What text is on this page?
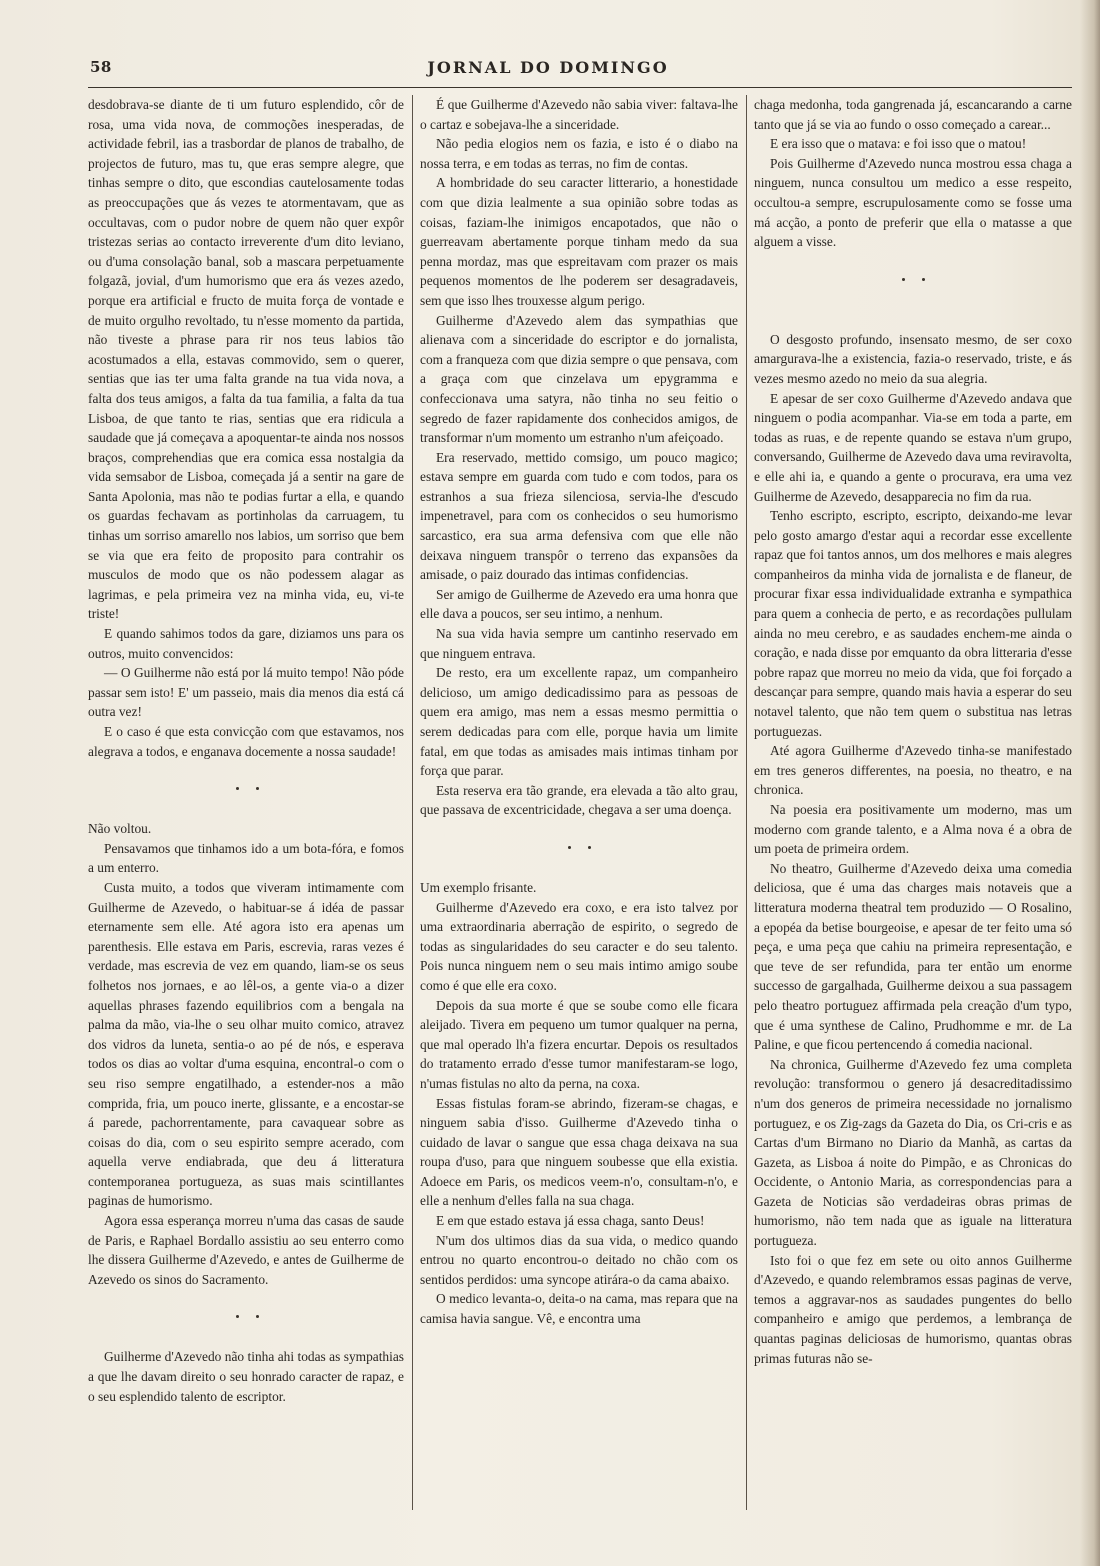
58	JORNAL DO DOMINGO

desdobrava-se diante de ti um futuro esplendido, côr de rosa, uma vida nova, de commoções inesperadas, de actividade febril, ias a trasbordar de planos de trabalho, de projectos de futuro, mas tu, que eras sempre alegre, que tinhas sempre o dito, que escondias cautelosamente todas as preoccupações que ás vezes te atormentavam, que as occultavas, com o pudor nobre de quem não quer expôr tristezas serias ao contacto irreverente d'um dito leviano, ou d'uma consolação banal, sob a mascara perpetuamente folgazã, jovial, d'um humorismo que era ás vezes azedo, porque era artificial e fructo de muita força de vontade e de muito orgulho revoltado, tu n'esse momento da partida, não tiveste a phrase para rir nos teus labios tão acostumados a ella, estavas commovido, sem o querer, sentias que ias ter uma falta grande na tua vida nova, a falta dos teus amigos, a falta da tua familia, a falta da tua Lisboa, de que tanto te rias, sentias que era ridicula a saudade que já começava a apoquentar-te ainda nos nossos braços, comprehendias que era comica essa nostalgia da vida semsabor de Lisboa, começada já a sentir na gare de Santa Apolonia, mas não te podias furtar a ella, e quando os guardas fechavam as portinholas da carruagem, tu tinhas um sorriso amarello nos labios, um sorriso que bem se via que era feito de proposito para contrahir os musculos de modo que os não podessem alagar as lagrimas, e pela primeira vez na minha vida, eu, vi-te triste!

E quando sahimos todos da gare, diziamos uns para os outros, muito convencidos:

— O Guilherme não está por lá muito tempo! Não póde passar sem isto! E' um passeio, mais dia menos dia está cá outra vez!

E o caso é que esta convicção com que estavamos, nos alegrava a todos, e enganava docemente a nossa saudade!

Não voltou.

Pensavamos que tinhamos ido a um bota-fóra, e fomos a um enterro.

Custa muito, a todos que viveram intimamente com Guilherme de Azevedo, o habituar-se á idéa de passar eternamente sem elle. Até agora isto era apenas um parenthesis. Elle estava em Paris, escrevia, raras vezes é verdade, mas escrevia de vez em quando, liam-se os seus folhetos nos jornaes, e ao lêl-os, a gente via-o a dizer aquellas phrases fazendo equilibrios com a bengala na palma da mão, via-lhe o seu olhar muito comico, atravez dos vidros da luneta, sentia-o ao pé de nós, e esperava todos os dias ao voltar d'uma esquina, encontral-o com o seu riso sempre engatilhado, a estender-nos a mão comprida, fria, um pouco inerte, glissante, e a encostar-se á parede, pachorrentamente, para cavaquear sobre as coisas do dia, com o seu espirito sempre acerado, com aquella verve endiabrada, que deu á litteratura contemporanea portugueza, as suas mais scintillantes paginas de humorismo.

Agora essa esperança morreu n'uma das casas de saude de Paris, e Raphael Bordallo assistiu ao seu enterro como lhe dissera Guilherme d'Azevedo, e antes de Guilherme de Azevedo os sinos do Sacramento.

Guilherme d'Azevedo não tinha ahi todas as sympathias a que lhe davam direito o seu honrado caracter de rapaz, e o seu esplendido talento de escriptor.

É que Guilherme d'Azevedo não sabia viver: faltava-lhe o cartaz e sobejava-lhe a sinceridade.

Não pedia elogios nem os fazia, e isto é o diabo na nossa terra, e em todas as terras, no fim de contas.

A hombridade do seu caracter litterario, a honestidade com que dizia lealmente a sua opinião sobre todas as coisas, faziam-lhe inimigos encapotados, que não o guerreavam abertamente porque tinham medo da sua penna mordaz, mas que espreitavam com prazer os mais pequenos momentos de lhe poderem ser desagradaveis, sem que isso lhes trouxesse algum perigo.

Guilherme d'Azevedo alem das sympathias que alienava com a sinceridade do escriptor e do jornalista, com a franqueza com que dizia sempre o que pensava, com a graça com que cinzelava um epygramma e confeccionava uma satyra, não tinha no seu feitio o segredo de fazer rapidamente dos conhecidos amigos, de transformar n'um momento um estranho n'um afeiçoado.

Era reservado, mettido comsigo, um pouco magico; estava sempre em guarda com tudo e com todos, para os estranhos a sua frieza silenciosa, servia-lhe d'escudo impenetravel, para com os conhecidos o seu humorismo sarcastico, era sua arma defensiva com que elle não deixava ninguem transpôr o terreno das expansões da amisade, o paiz dourado das intimas confidencias.

Ser amigo de Guilherme de Azevedo era uma honra que elle dava a poucos, ser seu intimo, a nenhum.

Na sua vida havia sempre um cantinho reservado em que ninguem entrava.

De resto, era um excellente rapaz, um companheiro delicioso, um amigo dedicadissimo para as pessoas de quem era amigo, mas nem a essas mesmo permittia o serem dedicadas para com elle, porque havia um limite fatal, em que todas as amisades mais intimas tinham por força que parar.

Esta reserva era tão grande, era elevada a tão alto grau, que passava de excentricidade, chegava a ser uma doença.

Um exemplo frisante.

Guilherme d'Azevedo era coxo, e era isto talvez por uma extraordinaria aberração de espirito, o segredo de todas as singularidades do seu caracter e do seu talento. Pois nunca ninguem nem o seu mais intimo amigo soube como é que elle era coxo.

Depois da sua morte é que se soube como elle ficara aleijado. Tivera em pequeno um tumor qualquer na perna, que mal operado lh'a fizera encurtar. Depois os resultados do tratamento errado d'esse tumor manifestaram-se logo, n'umas fistulas no alto da perna, na coxa.

Essas fistulas foram-se abrindo, fizeram-se chagas, e ninguem sabia d'isso. Guilherme d'Azevedo tinha o cuidado de lavar o sangue que essa chaga deixava na sua roupa d'uso, para que ninguem soubesse que ella existia. Adoece em Paris, os medicos veem-n'o, consultam-n'o, e elle a nenhum d'elles falla na sua chaga.

E em que estado estava já essa chaga, santo Deus!

N'um dos ultimos dias da sua vida, o medico quando entrou no quarto encontrou-o deitado no chão com os sentidos perdidos: uma syncope atirára-o da cama abaixo.

O medico levanta-o, deita-o na cama, mas repara que na camisa havia sangue. Vê, e encontra uma

chaga medonha, toda gangrenada já, escancarando a carne tanto que já se via ao fundo o osso começado a carear...

E era isso que o matava: e foi isso que o matou!

Pois Guilherme d'Azevedo nunca mostrou essa chaga a ninguem, nunca consultou um medico a esse respeito, occultou-a sempre, escrupulosamente como se fosse uma má acção, a ponto de preferir que ella o matasse a que alguem a visse.

O desgosto profundo, insensato mesmo, de ser coxo amargurava-lhe a existencia, fazia-o reservado, triste, e ás vezes mesmo azedo no meio da sua alegria.

E apesar de ser coxo Guilherme d'Azevedo andava que ninguem o podia acompanhar. Via-se em toda a parte, em todas as ruas, e de repente quando se estava n'um grupo, conversando, Guilherme de Azevedo dava uma reviravolta, e elle ahi ia, e quando a gente o procurava, era uma vez Guilherme de Azevedo, desapparecia no fim da rua.

Tenho escripto, escripto, escripto, deixando-me levar pelo gosto amargo d'estar aqui a recordar esse excellente rapaz que foi tantos annos, um dos melhores e mais alegres companheiros da minha vida de jornalista e de flaneur, de procurar fixar essa individualidade extranha e sympathica para quem a conhecia de perto, e as recordações pullulam ainda no meu cerebro, e as saudades enchem-me ainda o coração, e nada disse por emquanto da obra litteraria d'esse pobre rapaz que morreu no meio da vida, que foi forçado a descançar para sempre, quando mais havia a esperar do seu notavel talento, que não tem quem o substitua nas letras portuguezas.

Até agora Guilherme d'Azevedo tinha-se manifestado em tres generos differentes, na poesia, no theatro, e na chronica.

Na poesia era positivamente um moderno, mas um moderno com grande talento, e a Alma nova é a obra de um poeta de primeira ordem.

No theatro, Guilherme d'Azevedo deixa uma comedia deliciosa, que é uma das charges mais notaveis que a litteratura moderna theatral tem produzido — O Rosalino, a epopéa da betise bourgeoise, e apesar de ter feito uma só peça, e uma peça que cahiu na primeira representação, e que teve de ser refundida, para ter então um enorme successo de gargalhada, Guilherme deixou a sua passagem pelo theatro portuguez affirmada pela creação d'um typo, que é uma synthese de Calino, Prudhomme e mr. de La Paline, e que ficou pertencendo á comedia nacional.

Na chronica, Guilherme d'Azevedo fez uma completa revolução: transformou o genero já desacreditadissimo n'um dos generos de primeira necessidade no jornalismo portuguez, e os Zig-zags da Gazeta do Dia, os Cri-cris e as Cartas d'um Birmano no Diario da Manhã, as cartas da Gazeta, as Lisboa á noite do Pimpão, e as Chronicas do Occidente, o Antonio Maria, as correspondencias para a Gazeta de Noticias são verdadeiras obras primas de humorismo, não tem nada que as iguale na litteratura portugueza.

Isto foi o que fez em sete ou oito annos Guilherme d'Azevedo, e quando relembramos essas paginas de verve, temos a aggravar-nos as saudades pungentes do bello companheiro e amigo que perdemos, a lembrança de quantas paginas deliciosas de humorismo, quantas obras primas futuras não se-
